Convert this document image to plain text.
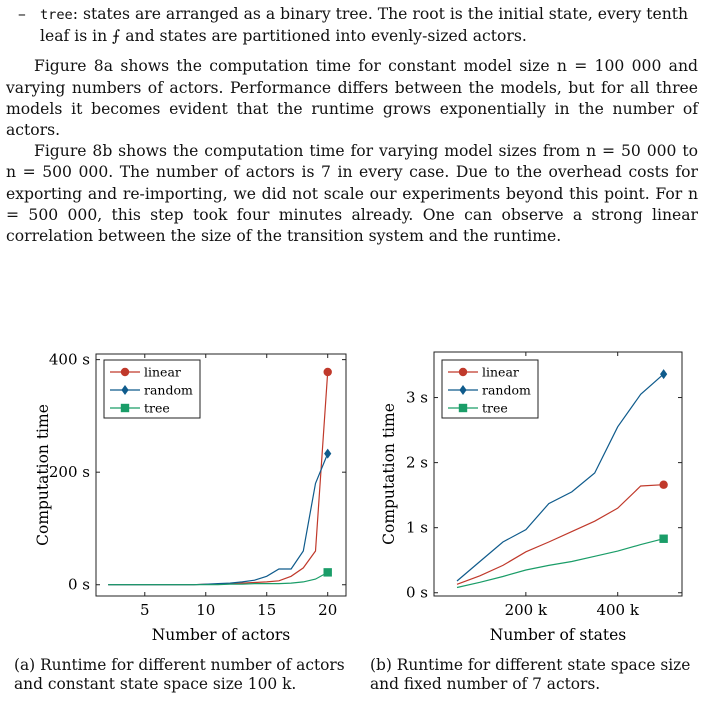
–	tree: states are arranged as a binary tree. The root is the initial state, every tenth leaf is in ⨍ and states are partitioned into evenly-sized actors.

Figure 8a shows the computation time for constant model size n = 100 000 and varying numbers of actors. Performance differs between the models, but for all three models it becomes evident that the runtime grows exponentially in the number of actors.

Figure 8b shows the computation time for varying model sizes from n = 50 000 to n = 500 000. The number of actors is 7 in every case. Due to the overhead costs for exporting and re-importing, we did not scale our experiments beyond this point. For n = 500 000, this step took four minutes already. One can observe a strong linear correlation between the size of the transition system and the runtime.

5	10	15	20
0 s
200 s
400 s
Number of actors
Computation time
linear
random
tree
200 k	400 k
0 s
1 s
2 s
3 s
Number of states
Computation time
linear
random
tree
(a) Runtime for different number of actors and constant state space size 100 k.
(b) Runtime for different state space size and fixed number of 7 actors.
